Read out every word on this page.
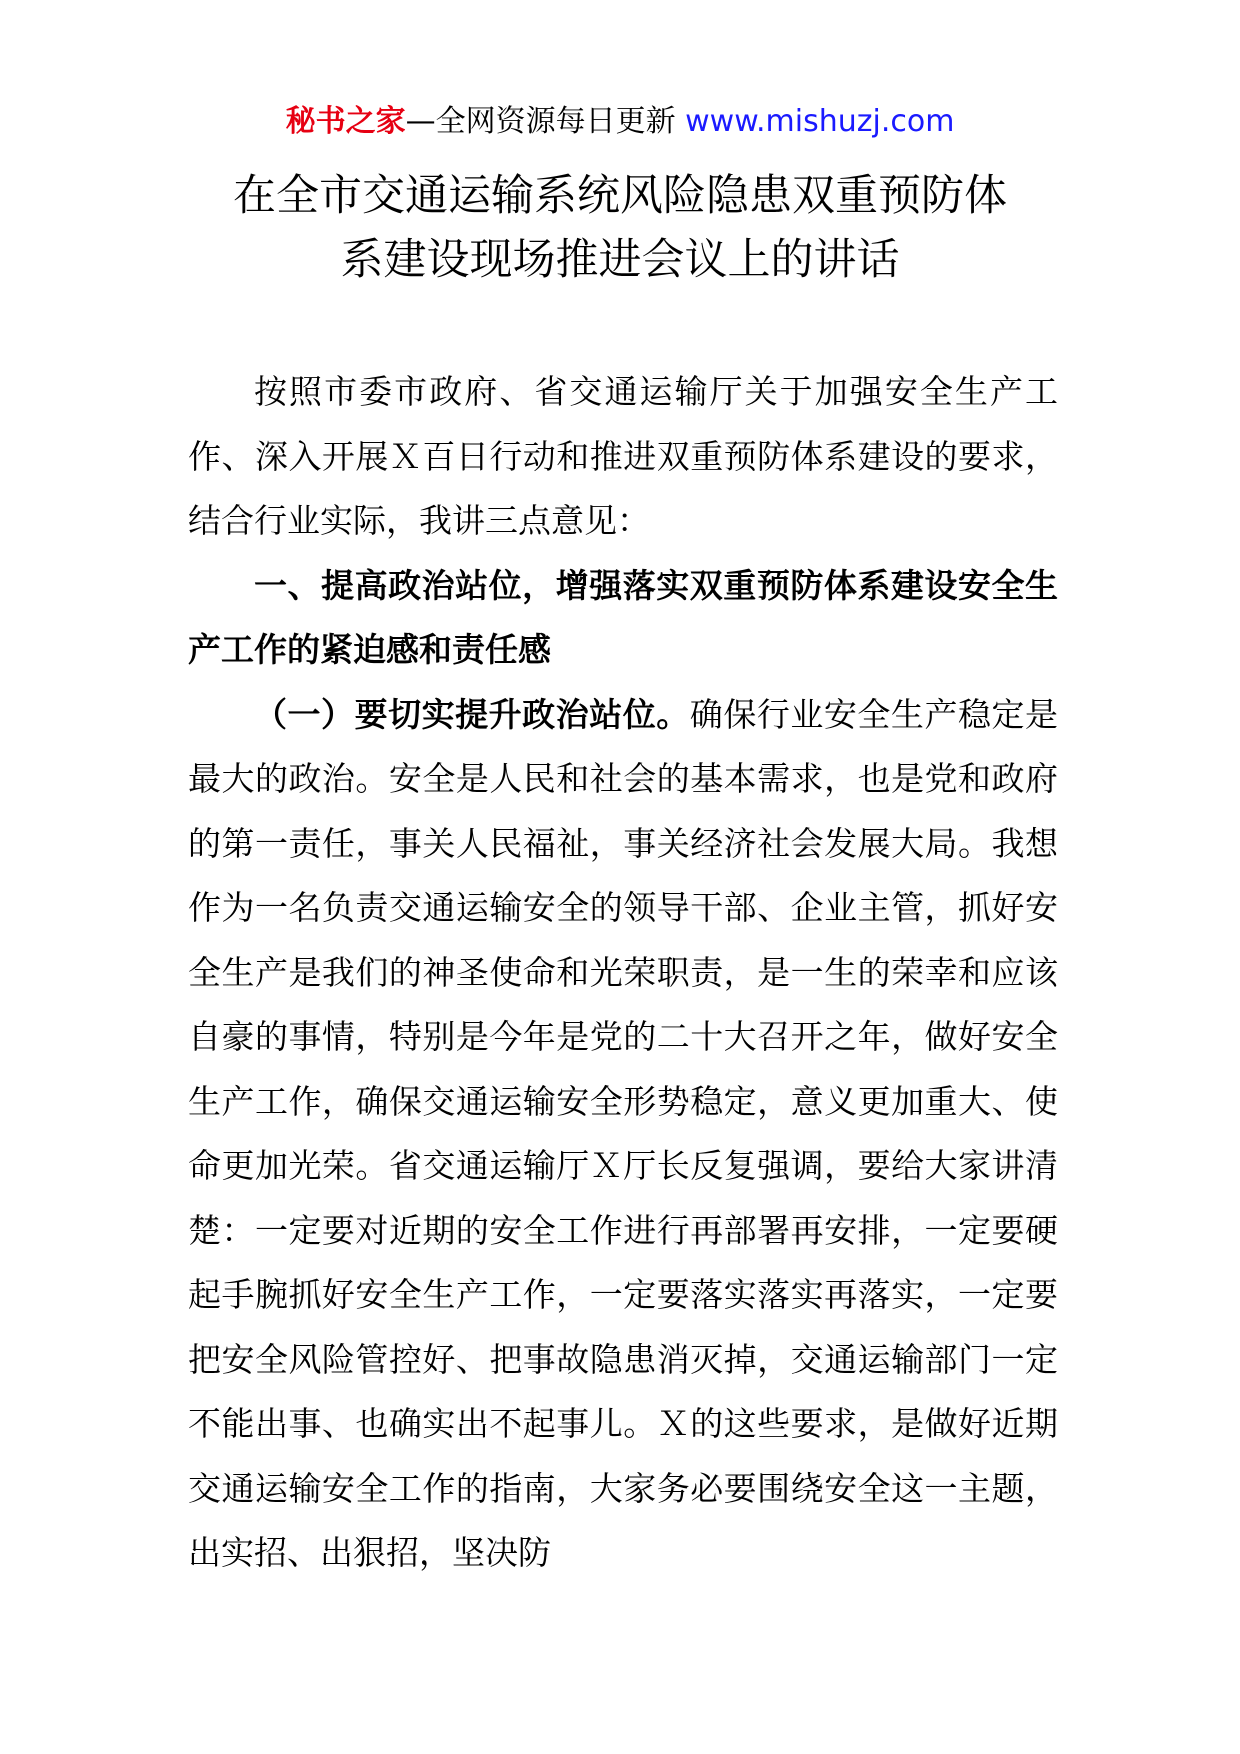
秘书之家—全网资源每日更新 www.mishuzj.com
在全市交通运输系统风险隐患双重预防体
系建设现场推进会议上的讲话

按照市委市政府、省交通运输厅关于加强安全生产工作、深入开展Ｘ百日行动和推进双重预防体系建设的要求，结合行业实际，我讲三点意见：

一、提高政治站位，增强落实双重预防体系建设安全生产工作的紧迫感和责任感

（一）要切实提升政治站位。确保行业安全生产稳定是最大的政治。安全是人民和社会的基本需求，也是党和政府的第一责任，事关人民福祉，事关经济社会发展大局。我想作为一名负责交通运输安全的领导干部、企业主管，抓好安全生产是我们的神圣使命和光荣职责，是一生的荣幸和应该自豪的事情，特别是今年是党的二十大召开之年，做好安全生产工作，确保交通运输安全形势稳定，意义更加重大、使命更加光荣。省交通运输厅Ｘ厅长反复强调，要给大家讲清楚：一定要对近期的安全工作进行再部署再安排，一定要硬起手腕抓好安全生产工作，一定要落实落实再落实，一定要把安全风险管控好、把事故隐患消灭掉，交通运输部门一定不能出事、也确实出不起事儿。Ｘ的这些要求，是做好近期交通运输安全工作的指南，大家务必要围绕安全这一主题，出实招、出狠招，坚决防
